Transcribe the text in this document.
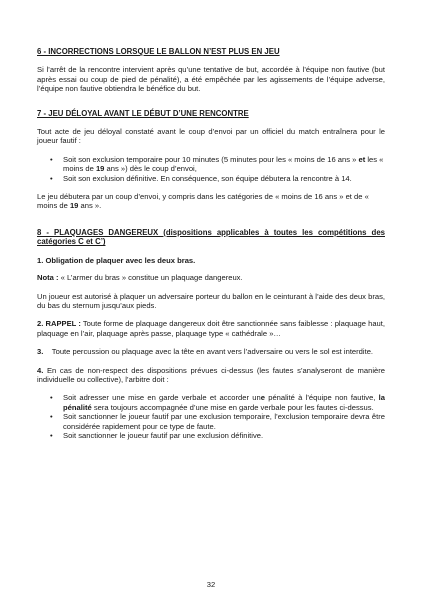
6 - INCORRECTIONS LORSQUE LE BALLON N’EST PLUS EN JEU

Si l’arrêt de la rencontre intervient après qu’une tentative de but, accordée à l’équipe non fautive (but après essai ou coup de pied de pénalité), a été empêchée par les agissements de l’équipe adverse, l’équipe non fautive obtiendra le bénéfice du but.

7 - JEU DÉLOYAL AVANT LE DÉBUT D’UNE RENCONTRE

Tout acte de jeu déloyal constaté avant le coup d’envoi par un officiel du match entraînera pour le joueur fautif :

• Soit son exclusion temporaire pour 10 minutes (5 minutes pour les « moins de 16 ans » et les « moins de 19 ans ») dès le coup d’envoi,
• Soit son exclusion définitive. En conséquence, son équipe débutera la rencontre à 14.

Le jeu débutera par un coup d’envoi, y compris dans les catégories de « moins de 16 ans » et de « moins de 19 ans ».

8 - PLAQUAGES DANGEREUX (dispositions applicables à toutes les compétitions des catégories C et C’)

1. Obligation de plaquer avec les deux bras.

Nota : « L’armer du bras » constitue un plaquage dangereux.

Un joueur est autorisé à plaquer un adversaire porteur du ballon en le ceinturant à l’aide des deux bras, du bas du sternum jusqu’aux pieds.

2. RAPPEL : Toute forme de plaquage dangereux doit être sanctionnée sans faiblesse : plaquage haut, plaquage en l’air, plaquage après passe, plaquage type « cathédrale »…

3. Toute percussion ou plaquage avec la tête en avant vers l’adversaire ou vers le sol est interdite.

4. En cas de non-respect des dispositions prévues ci-dessus (les fautes s’analyseront de manière individuelle ou collective), l’arbitre doit :

• Soit adresser une mise en garde verbale et accorder une pénalité à l’équipe non fautive, la pénalité sera toujours accompagnée d’une mise en garde verbale pour les fautes ci-dessus.
• Soit sanctionner le joueur fautif par une exclusion temporaire, l’exclusion temporaire devra être considérée rapidement pour ce type de faute.
• Soit sanctionner le joueur fautif par une exclusion définitive.
32
